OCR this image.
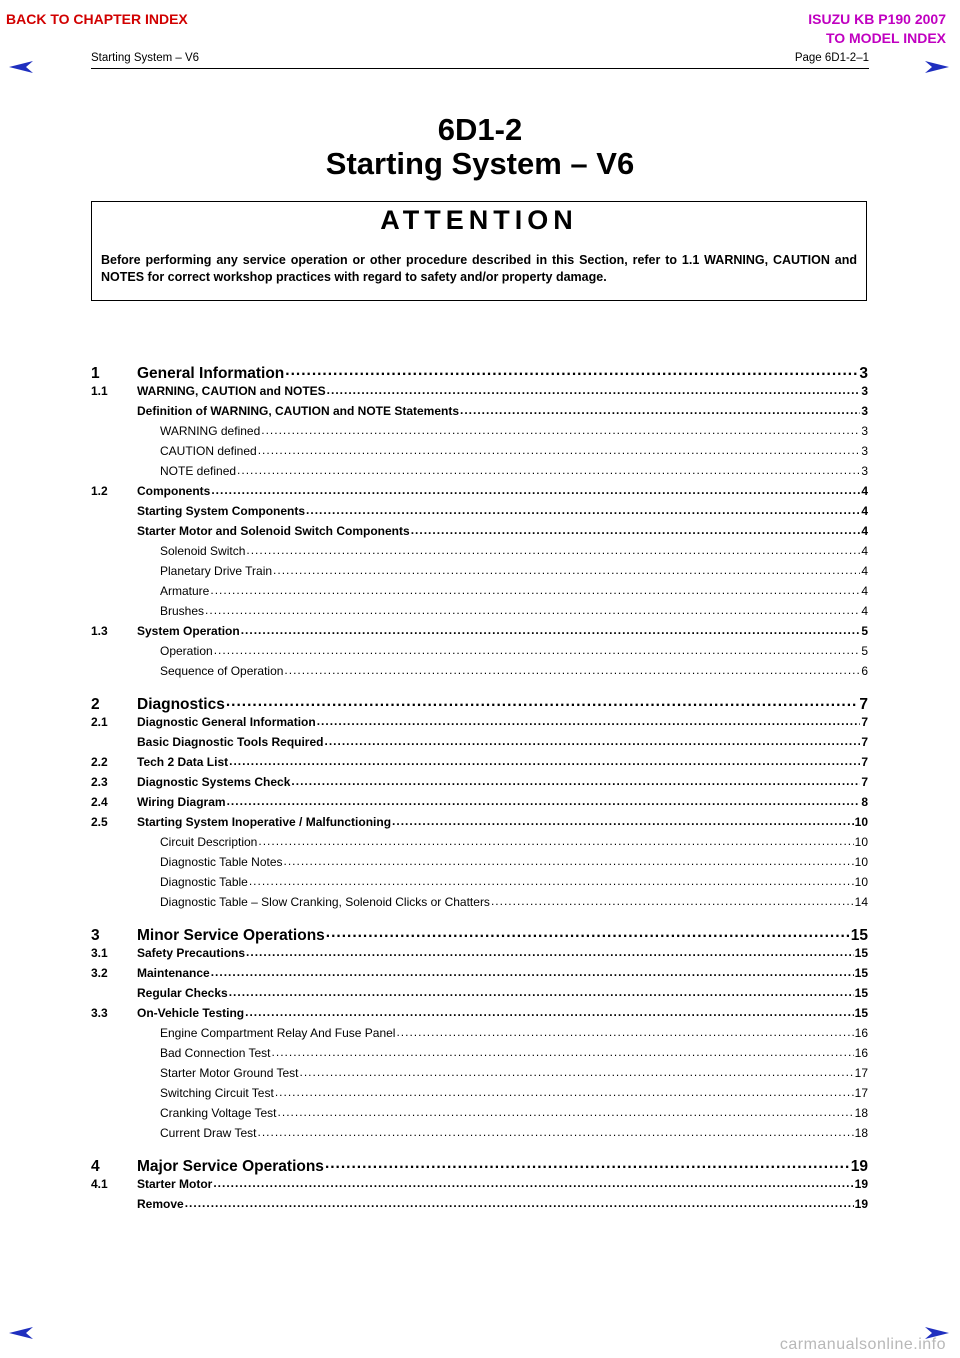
BACK TO CHAPTER INDEX	ISUZU KB P190 2007
TO MODEL INDEX
Starting System – V6	Page 6D1-2–1
6D1-2
Starting System – V6
ATTENTION
Before performing any service operation or other procedure described in this Section, refer to 1.1 WARNING, CAUTION and NOTES for correct workshop practices with regard to safety and/or property damage.
1	General Information .....	3
1.1	WARNING, CAUTION and NOTES .....	3
Definition of WARNING, CAUTION and NOTE Statements .....	3
WARNING defined .....	3
CAUTION defined .....	3
NOTE defined .....	3
1.2	Components .....	4
Starting System Components .....	4
Starter Motor and Solenoid Switch Components .....	4
Solenoid Switch .....	4
Planetary Drive Train .....	4
Armature .....	4
Brushes .....	4
1.3	System Operation .....	5
Operation .....	5
Sequence of Operation .....	6
2	Diagnostics .....	7
2.1	Diagnostic General Information .....	7
Basic Diagnostic Tools Required .....	7
2.2	Tech 2 Data List .....	7
2.3	Diagnostic Systems Check .....	7
2.4	Wiring Diagram .....	8
2.5	Starting System Inoperative / Malfunctioning .....	10
Circuit Description .....	10
Diagnostic Table Notes .....	10
Diagnostic Table .....	10
Diagnostic Table – Slow Cranking, Solenoid Clicks or Chatters .....	14
3	Minor Service Operations .....	15
3.1	Safety Precautions .....	15
3.2	Maintenance .....	15
Regular Checks .....	15
3.3	On-Vehicle Testing .....	15
Engine Compartment Relay And Fuse Panel .....	16
Bad Connection Test .....	16
Starter Motor Ground Test .....	17
Switching Circuit Test .....	17
Cranking Voltage Test .....	18
Current Draw Test .....	18
4	Major Service Operations .....	19
4.1	Starter Motor .....	19
Remove .....	19
carmanualsonline.info
